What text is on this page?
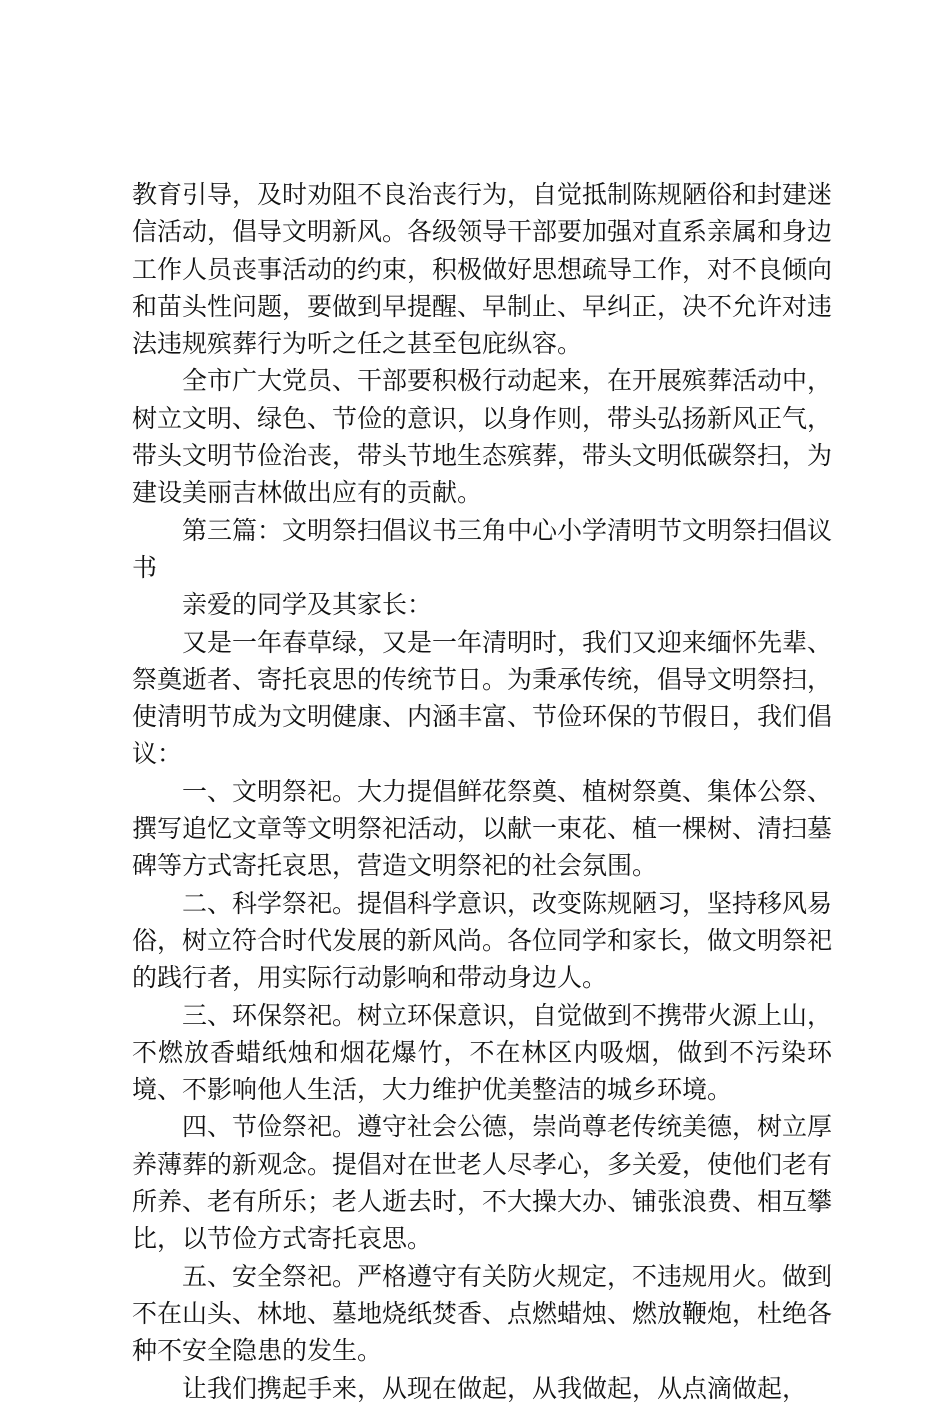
教育引导，及时劝阻不良治丧行为，自觉抵制陈规陋俗和封建迷信活动，倡导文明新风。各级领导干部要加强对直系亲属和身边工作人员丧事活动的约束，积极做好思想疏导工作，对不良倾向和苗头性问题，要做到早提醒、早制止、早纠正，决不允许对违法违规殡葬行为听之任之甚至包庇纵容。

全市广大党员、干部要积极行动起来，在开展殡葬活动中，树立文明、绿色、节俭的意识，以身作则，带头弘扬新风正气，带头文明节俭治丧，带头节地生态殡葬，带头文明低碳祭扫，为建设美丽吉林做出应有的贡献。

第三篇：文明祭扫倡议书三角中心小学清明节文明祭扫倡议书

亲爱的同学及其家长：

又是一年春草绿，又是一年清明时，我们又迎来缅怀先辈、祭奠逝者、寄托哀思的传统节日。为秉承传统，倡导文明祭扫，使清明节成为文明健康、内涵丰富、节俭环保的节假日，我们倡议：

一、文明祭祀。大力提倡鲜花祭奠、植树祭奠、集体公祭、撰写追忆文章等文明祭祀活动，以献一束花、植一棵树、清扫墓碑等方式寄托哀思，营造文明祭祀的社会氛围。

二、科学祭祀。提倡科学意识，改变陈规陋习，坚持移风易俗，树立符合时代发展的新风尚。各位同学和家长，做文明祭祀的践行者，用实际行动影响和带动身边人。

三、环保祭祀。树立环保意识，自觉做到不携带火源上山，不燃放香蜡纸烛和烟花爆竹，不在林区内吸烟，做到不污染环境、不影响他人生活，大力维护优美整洁的城乡环境。

四、节俭祭祀。遵守社会公德，崇尚尊老传统美德，树立厚养薄葬的新观念。提倡对在世老人尽孝心，多关爱，使他们老有所养、老有所乐；老人逝去时，不大操大办、铺张浪费、相互攀比，以节俭方式寄托哀思。

五、安全祭祀。严格遵守有关防火规定，不违规用火。做到不在山头、林地、墓地烧纸焚香、点燃蜡烛、燃放鞭炮，杜绝各种不安全隐患的发生。

让我们携起手来，从现在做起，从我做起，从点滴做起，
